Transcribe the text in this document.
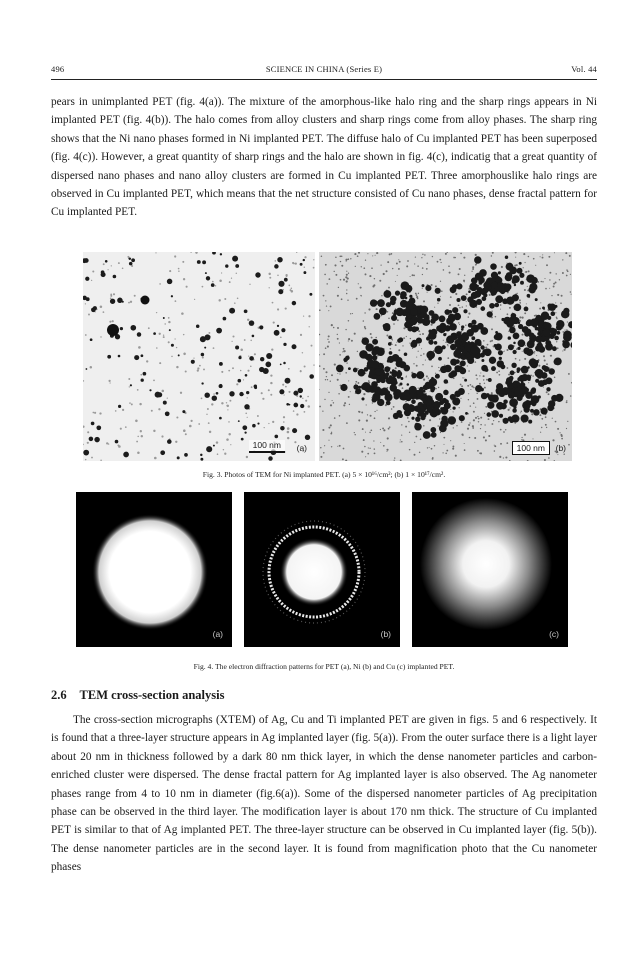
496	SCIENCE IN CHINA (Series E)	Vol. 44

pears in unimplanted PET (fig. 4(a)). The mixture of the amorphous-like halo ring and the sharp rings appears in Ni implanted PET (fig. 4(b)). The halo comes from alloy clusters and sharp rings come from alloy phases. The sharp ring shows that the Ni nano phases formed in Ni implanted PET. The diffuse halo of Cu implanted PET has been superposed (fig. 4(c)). However, a great quantity of sharp rings and the halo are shown in fig. 4(c), indicatig that a great quantity of dispersed nano phases and nano alloy clusters are formed in Cu implanted PET. Three amorphouslike halo rings are observed in Cu implanted PET, which means that the net structure consisted of Cu nano phases, dense fractal pattern for Cu implanted PET.

100 nm	(a)	100 nm	(b)
Fig. 3. Photos of TEM for Ni implanted PET. (a) 5 × 10¹⁶/cm²; (b) 1 × 10¹⁷/cm².
(a)	(b)	(c)
Fig. 4. The electron diffraction patterns for PET (a), Ni (b) and Cu (c) implanted PET.
2.6 TEM cross-section analysis

The cross-section micrographs (XTEM) of Ag, Cu and Ti implanted PET are given in figs. 5 and 6 respectively. It is found that a three-layer structure appears in Ag implanted layer (fig. 5(a)). From the outer surface there is a light layer about 20 nm in thickness followed by a dark 80 nm thick layer, in which the dense nanometer particles and carbon-enriched cluster were dispersed. The dense fractal pattern for Ag implanted layer is also observed. The Ag nanometer phases range from 4 to 10 nm in diameter (fig.6(a)). Some of the dispersed nanometer particles of Ag precipitation phase can be observed in the third layer. The modification layer is about 170 nm thick. The structure of Cu implanted PET is similar to that of Ag implanted PET. The three-layer structure can be observed in Cu implanted layer (fig. 5(b)). The dense nanometer particles are in the second layer. It is found from magnification photo that the Cu nanometer phases
